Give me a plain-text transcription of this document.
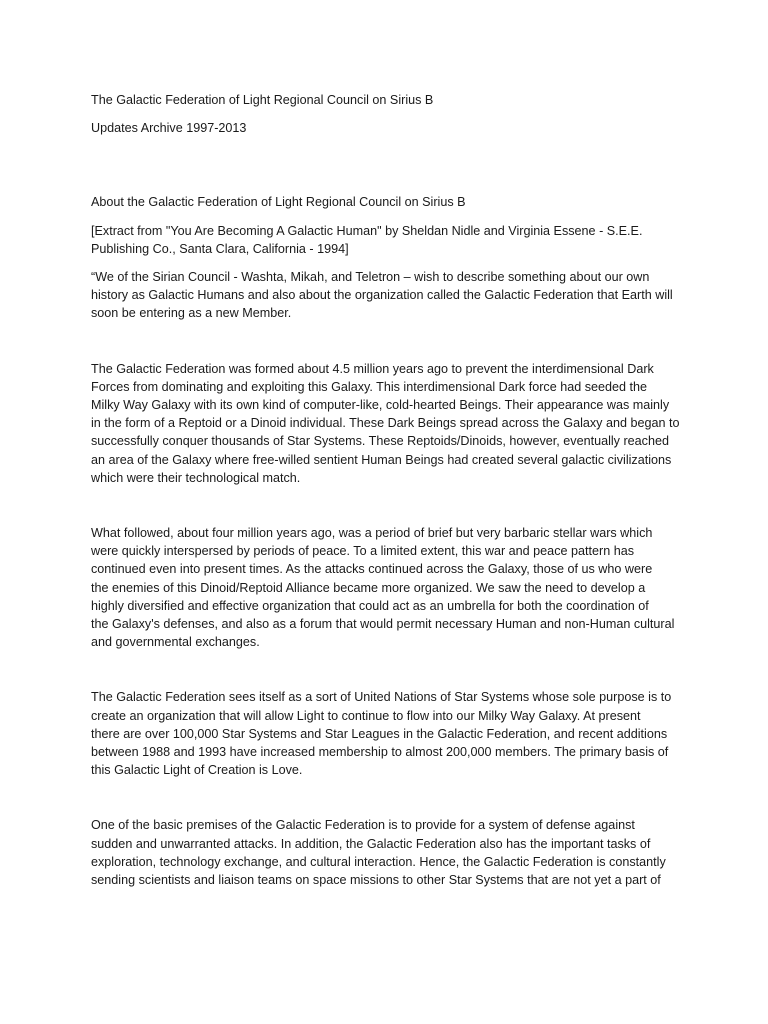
The Galactic Federation of Light Regional Council on Sirius B

Updates Archive 1997-2013

About the Galactic Federation of Light Regional Council on Sirius B

[Extract from "You Are Becoming A Galactic Human" by Sheldan Nidle and Virginia Essene - S.E.E.

Publishing Co., Santa Clara, California - 1994]

“We of the Sirian Council - Washta, Mikah, and Teletron – wish to describe something about our own

history as Galactic Humans and also about the organization called the Galactic Federation that Earth will

soon be entering as a new Member.

The Galactic Federation was formed about 4.5 million years ago to prevent the interdimensional Dark

Forces from dominating and exploiting this Galaxy. This interdimensional Dark force had seeded the

Milky Way Galaxy with its own kind of computer-like, cold-hearted Beings. Their appearance was mainly

in the form of a Reptoid or a Dinoid individual. These Dark Beings spread across the Galaxy and began to

successfully conquer thousands of Star Systems. These Reptoids/Dinoids, however, eventually reached

an area of the Galaxy where free-willed sentient Human Beings had created several galactic civilizations

which were their technological match.

What followed, about four million years ago, was a period of brief but very barbaric stellar wars which

were quickly interspersed by periods of peace. To a limited extent, this war and peace pattern has

continued even into present times. As the attacks continued across the Galaxy, those of us who were

the enemies of this Dinoid/Reptoid Alliance became more organized. We saw the need to develop a

highly diversified and effective organization that could act as an umbrella for both the coordination of

the Galaxy's defenses, and also as a forum that would permit necessary Human and non-Human cultural

and governmental exchanges.

The Galactic Federation sees itself as a sort of United Nations of Star Systems whose sole purpose is to

create an organization that will allow Light to continue to flow into our Milky Way Galaxy. At present

there are over 100,000 Star Systems and Star Leagues in the Galactic Federation, and recent additions

between 1988 and 1993 have increased membership to almost 200,000 members. The primary basis of

this Galactic Light of Creation is Love.

One of the basic premises of the Galactic Federation is to provide for a system of defense against

sudden and unwarranted attacks. In addition, the Galactic Federation also has the important tasks of

exploration, technology exchange, and cultural interaction. Hence, the Galactic Federation is constantly

sending scientists and liaison teams on space missions to other Star Systems that are not yet a part of
